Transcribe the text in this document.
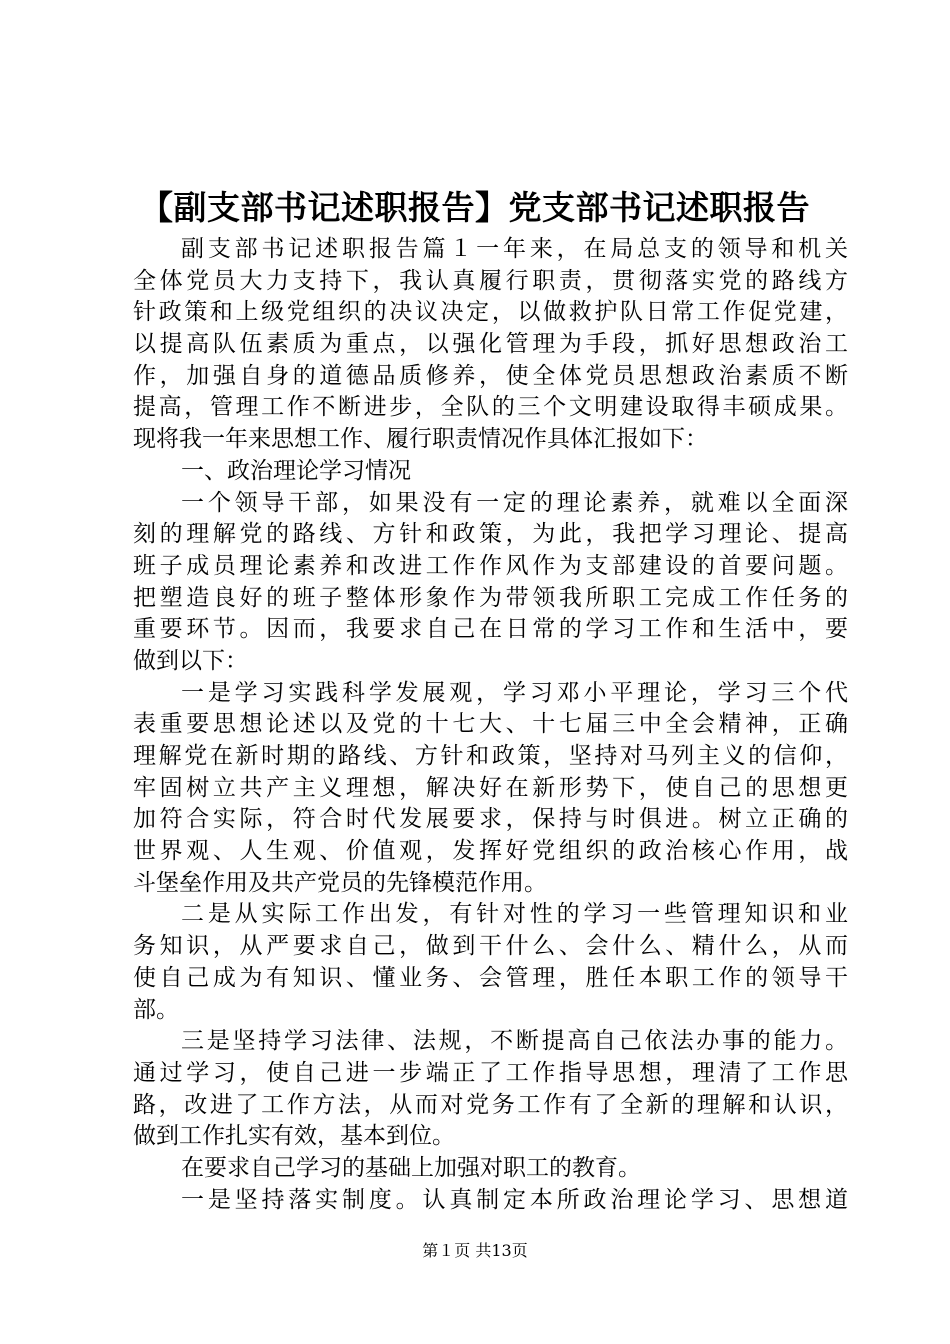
【副支部书记述职报告】党支部书记述职报告
副支部书记述职报告篇１一年来，在局总支的领导和机关
全体党员大力支持下，我认真履行职责，贯彻落实党的路线方
针政策和上级党组织的决议决定，以做救护队日常工作促党建，
以提高队伍素质为重点，以强化管理为手段，抓好思想政治工
作，加强自身的道德品质修养，使全体党员思想政治素质不断
提高，管理工作不断进步，全队的三个文明建设取得丰硕成果。
现将我一年来思想工作、履行职责情况作具体汇报如下：
一、政治理论学习情况
一个领导干部，如果没有一定的理论素养，就难以全面深
刻的理解党的路线、方针和政策，为此，我把学习理论、提高
班子成员理论素养和改进工作作风作为支部建设的首要问题。
把塑造良好的班子整体形象作为带领我所职工完成工作任务的
重要环节。因而，我要求自己在日常的学习工作和生活中，要
做到以下：
一是学习实践科学发展观，学习邓小平理论，学习三个代
表重要思想论述以及党的十七大、十七届三中全会精神，正确
理解党在新时期的路线、方针和政策，坚持对马列主义的信仰，
牢固树立共产主义理想，解决好在新形势下，使自己的思想更
加符合实际，符合时代发展要求，保持与时俱进。树立正确的
世界观、人生观、价值观，发挥好党组织的政治核心作用，战
斗堡垒作用及共产党员的先锋模范作用。
二是从实际工作出发，有针对性的学习一些管理知识和业
务知识，从严要求自己，做到干什么、会什么、精什么，从而
使自己成为有知识、懂业务、会管理，胜任本职工作的领导干
部。
三是坚持学习法律、法规，不断提高自己依法办事的能力。
通过学习，使自己进一步端正了工作指导思想，理清了工作思
路，改进了工作方法，从而对党务工作有了全新的理解和认识，
做到工作扎实有效，基本到位。
在要求自己学习的基础上加强对职工的教育。
一是坚持落实制度。认真制定本所政治理论学习、思想道
第１页 共13页
